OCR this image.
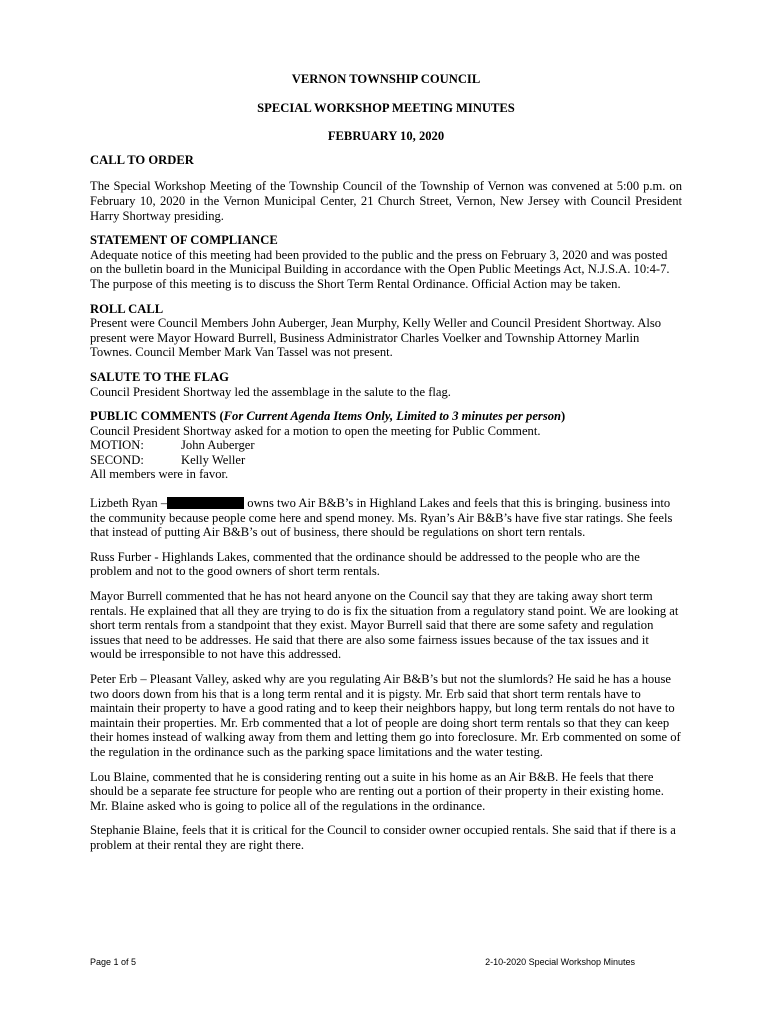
VERNON TOWNSHIP COUNCIL
SPECIAL WORKSHOP MEETING MINUTES
FEBRUARY 10, 2020
CALL TO ORDER
The Special Workshop Meeting of the Township Council of the Township of Vernon was convened at 5:00 p.m. on February 10, 2020 in the Vernon Municipal Center, 21 Church Street, Vernon, New Jersey with Council President Harry Shortway presiding.
STATEMENT OF COMPLIANCE
Adequate notice of this meeting had been provided to the public and the press on February 3, 2020 and was posted on the bulletin board in the Municipal Building in accordance with the Open Public Meetings Act, N.J.S.A. 10:4-7. The purpose of this meeting is to discuss the Short Term Rental Ordinance. Official Action may be taken.
ROLL CALL
Present were Council Members John Auberger, Jean Murphy, Kelly Weller and Council President Shortway. Also present were Mayor Howard Burrell, Business Administrator Charles Voelker and Township Attorney Marlin Townes. Council Member Mark Van Tassel was not present.
SALUTE TO THE FLAG
Council President Shortway led the assemblage in the salute to the flag.
PUBLIC COMMENTS (For Current Agenda Items Only, Limited to 3 minutes per person)
Council President Shortway asked for a motion to open the meeting for Public Comment.
MOTION:	John Auberger
SECOND:	Kelly Weller
All members were in favor.
Lizbeth Ryan –	owns two Air B&B’s in Highland Lakes and feels that this is bringing. business into the community because people come here and spend money. Ms. Ryan’s Air B&B’s have five star ratings. She feels that instead of putting Air B&B’s out of business, there should be regulations on short tern rentals.
Russ Furber - Highlands Lakes, commented that the ordinance should be addressed to the people who are the problem and not to the good owners of short term rentals.
Mayor Burrell commented that he has not heard anyone on the Council say that they are taking away short term rentals. He explained that all they are trying to do is fix the situation from a regulatory stand point. We are looking at short term rentals from a standpoint that they exist. Mayor Burrell said that there are some safety and regulation issues that need to be addresses. He said that there are also some fairness issues because of the tax issues and it would be irresponsible to not have this addressed.
Peter Erb – Pleasant Valley, asked why are you regulating Air B&B’s but not the slumlords? He said he has a house two doors down from his that is a long term rental and it is pigsty. Mr. Erb said that short term rentals have to maintain their property to have a good rating and to keep their neighbors happy, but long term rentals do not have to maintain their properties. Mr. Erb commented that a lot of people are doing short term rentals so that they can keep their homes instead of walking away from them and letting them go into foreclosure. Mr. Erb commented on some of the regulation in the ordinance such as the parking space limitations and the water testing.
Lou Blaine, commented that he is considering renting out a suite in his home as an Air B&B. He feels that there should be a separate fee structure for people who are renting out a portion of their property in their existing home. Mr. Blaine asked who is going to police all of the regulations in the ordinance.
Stephanie Blaine, feels that it is critical for the Council to consider owner occupied rentals. She said that if there is a problem at their rental they are right there.
Page 1 of 5	2-10-2020 Special Workshop Minutes
